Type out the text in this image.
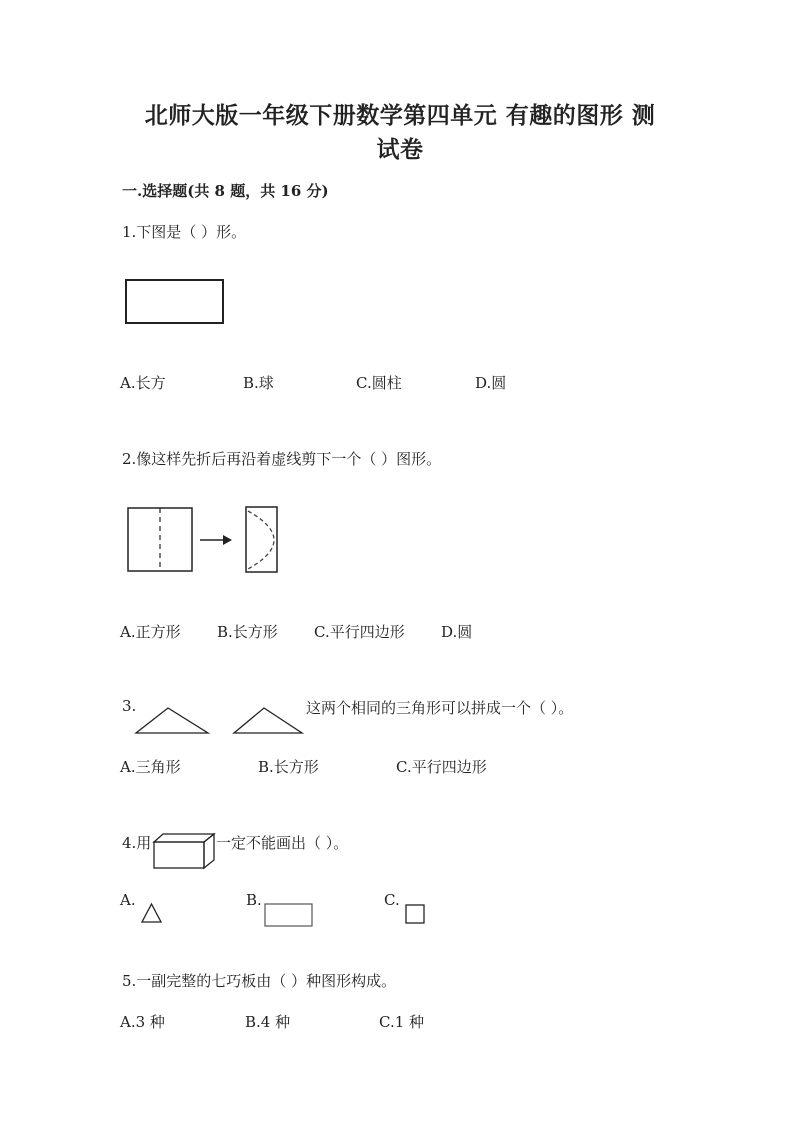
北师大版一年级下册数学第四单元 有趣的图形 测
试卷
一.选择题(共 8 题，共 16 分)
1.下图是（ ）形。
A.长方	B.球	C.圆柱	D.圆
2.像这样先折后再沿着虚线剪下一个（ ）图形。
A.正方形 B.长方形 C.平行四边形 D.圆
3.	这两个相同的三角形可以拼成一个（ ）。
A.三角形	B.长方形	C.平行四边形
4.用	一定不能画出（ ）。
A.	B.	C.
5.一副完整的七巧板由（ ）种图形构成。
A.3 种	B.4 种	C.1 种
